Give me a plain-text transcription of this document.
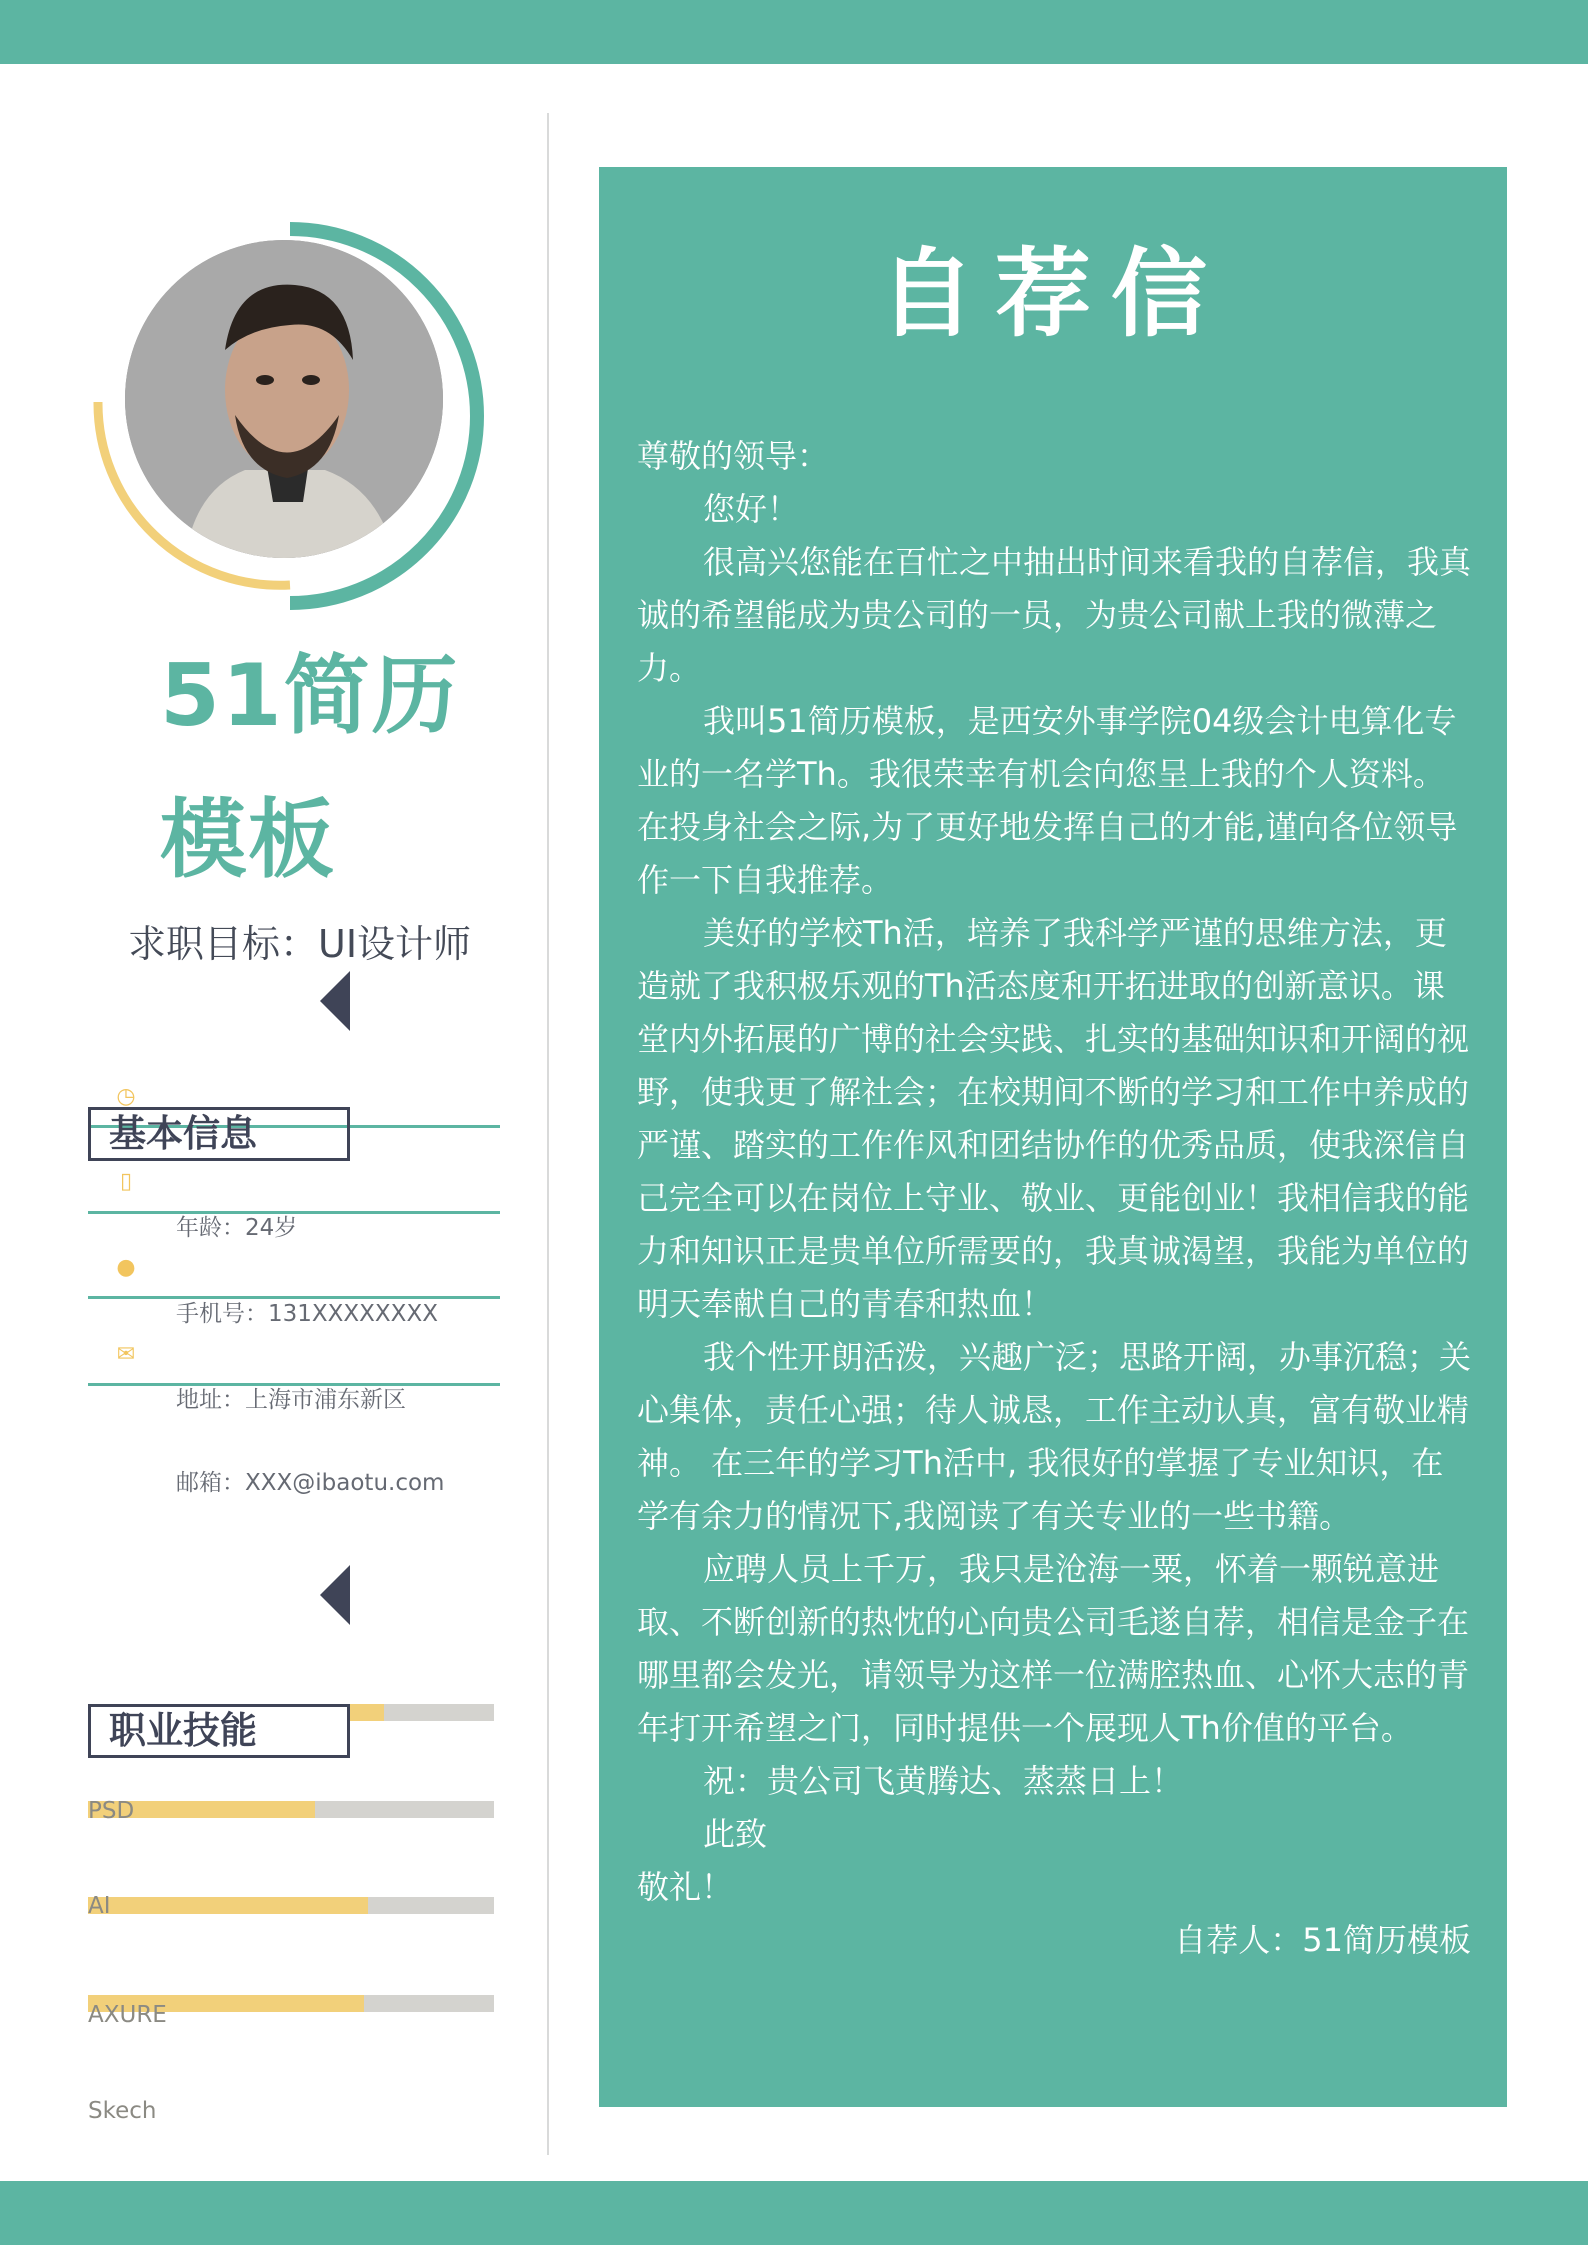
51简历
模板

求职目标：UI设计师

◷
基本信息
▯
年龄：24岁
●
手机号：131XXXXXXXX
✉
地址：上海市浦东新区
邮箱：XXX@ibaotu.com
职业技能
PSD
AI
AXURE
Skech
自荐信

尊敬的领导：

您好！

很高兴您能在百忙之中抽出时间来看我的自荐信，我真诚的希望能成为贵公司的一员，为贵公司献上我的微薄之力。

我叫51简历模板，是西安外事学院04级会计电算化专业的一名学Th。我很荣幸有机会向您呈上我的个人资料。在投身社会之际,为了更好地发挥自己的才能,谨向各位领导作一下自我推荐。

美好的学校Th活，培养了我科学严谨的思维方法，更造就了我积极乐观的Th活态度和开拓进取的创新意识。课堂内外拓展的广博的社会实践、扎实的基础知识和开阔的视野，使我更了解社会；在校期间不断的学习和工作中养成的严谨、踏实的工作作风和团结协作的优秀品质，使我深信自己完全可以在岗位上守业、敬业、更能创业！我相信我的能力和知识正是贵单位所需要的，我真诚渴望，我能为单位的明天奉献自己的青春和热血！

我个性开朗活泼，兴趣广泛；思路开阔，办事沉稳；关心集体，责任心强；待人诚恳，工作主动认真，富有敬业精神。 在三年的学习Th活中, 我很好的掌握了专业知识，在学有余力的情况下,我阅读了有关专业的一些书籍。

应聘人员上千万，我只是沧海一粟，怀着一颗锐意进取、不断创新的热忱的心向贵公司毛遂自荐，相信是金子在哪里都会发光，请领导为这样一位满腔热血、心怀大志的青年打开希望之门，同时提供一个展现人Th价值的平台。

祝：贵公司飞黄腾达、蒸蒸日上！

此致

敬礼！

自荐人：51简历模板
